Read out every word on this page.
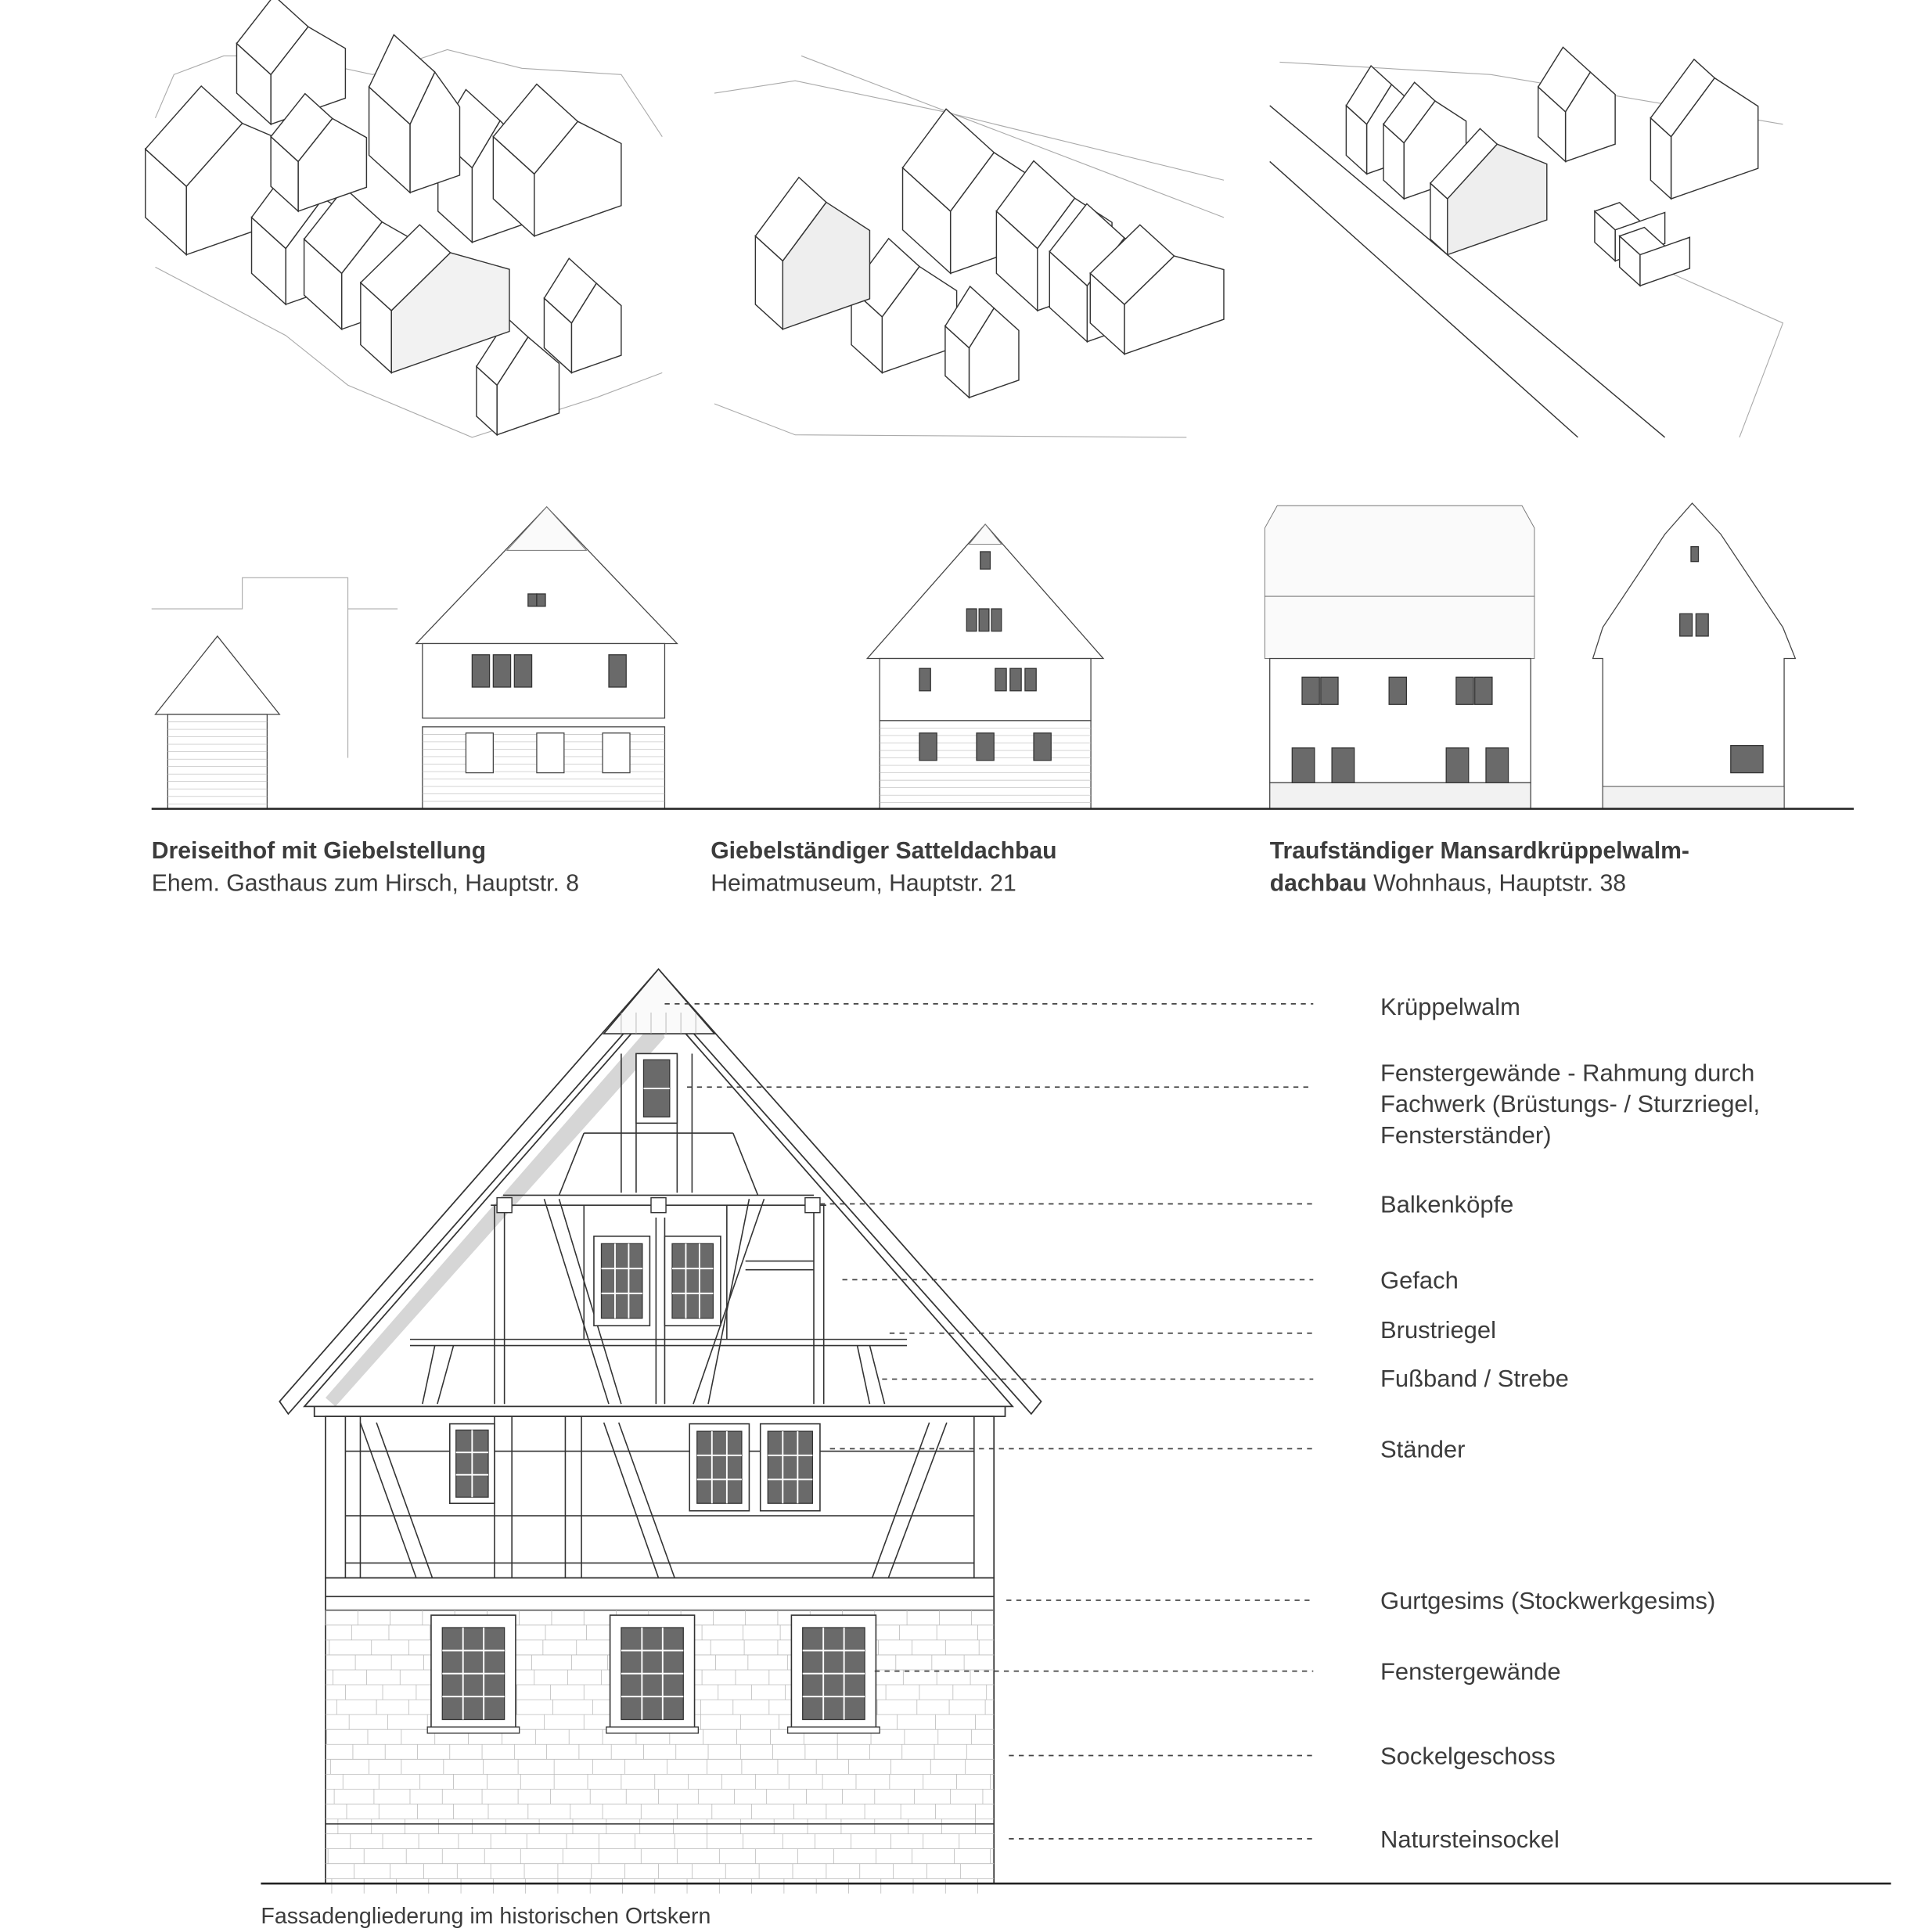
Dreiseithof mit Giebelstellung
Ehem. Gasthaus zum Hirsch, Hauptstr. 8
Giebelständiger Satteldachbau
Heimatmuseum, Hauptstr. 21
Traufständiger Mansardkrüppelwalm-
dachbau Wohnhaus, Hauptstr. 38
Krüppelwalm
Fenstergewände - Rahmung durch
Fachwerk (Brüstungs- / Sturzriegel,
Fensterständer)
Balkenköpfe
Gefach
Brustriegel
Fußband / Strebe
Ständer
Gurtgesims (Stockwerkgesims)
Fenstergewände
Sockelgeschoss
Natursteinsockel
Fassadengliederung im historischen Ortskern
